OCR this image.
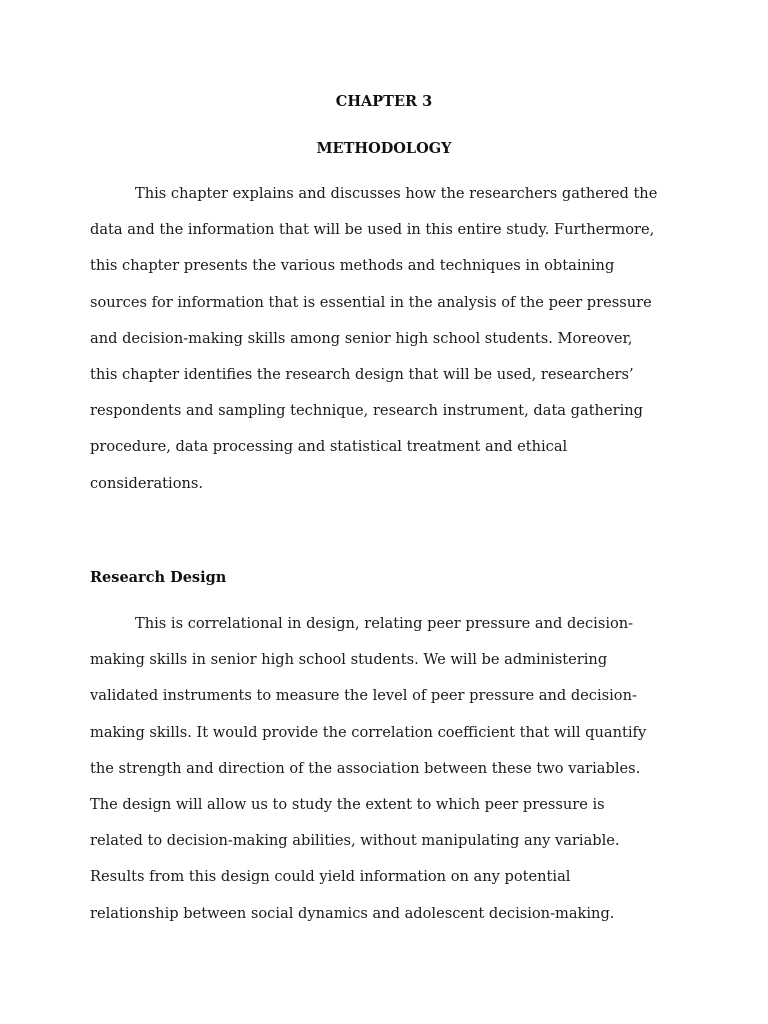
CHAPTER 3
METHODOLOGY

This chapter explains and discusses how the researchers gathered the
data and the information that will be used in this entire study. Furthermore,
this chapter presents the various methods and techniques in obtaining
sources for information that is essential in the analysis of the peer pressure
and decision-making skills among senior high school students. Moreover,
this chapter identifies the research design that will be used, researchers’
respondents and sampling technique, research instrument, data gathering
procedure, data processing and statistical treatment and ethical
considerations.

Research Design

This is correlational in design, relating peer pressure and decision-
making skills in senior high school students. We will be administering
validated instruments to measure the level of peer pressure and decision-
making skills. It would provide the correlation coefficient that will quantify
the strength and direction of the association between these two variables.
The design will allow us to study the extent to which peer pressure is
related to decision-making abilities, without manipulating any variable.
Results from this design could yield information on any potential
relationship between social dynamics and adolescent decision-making.
